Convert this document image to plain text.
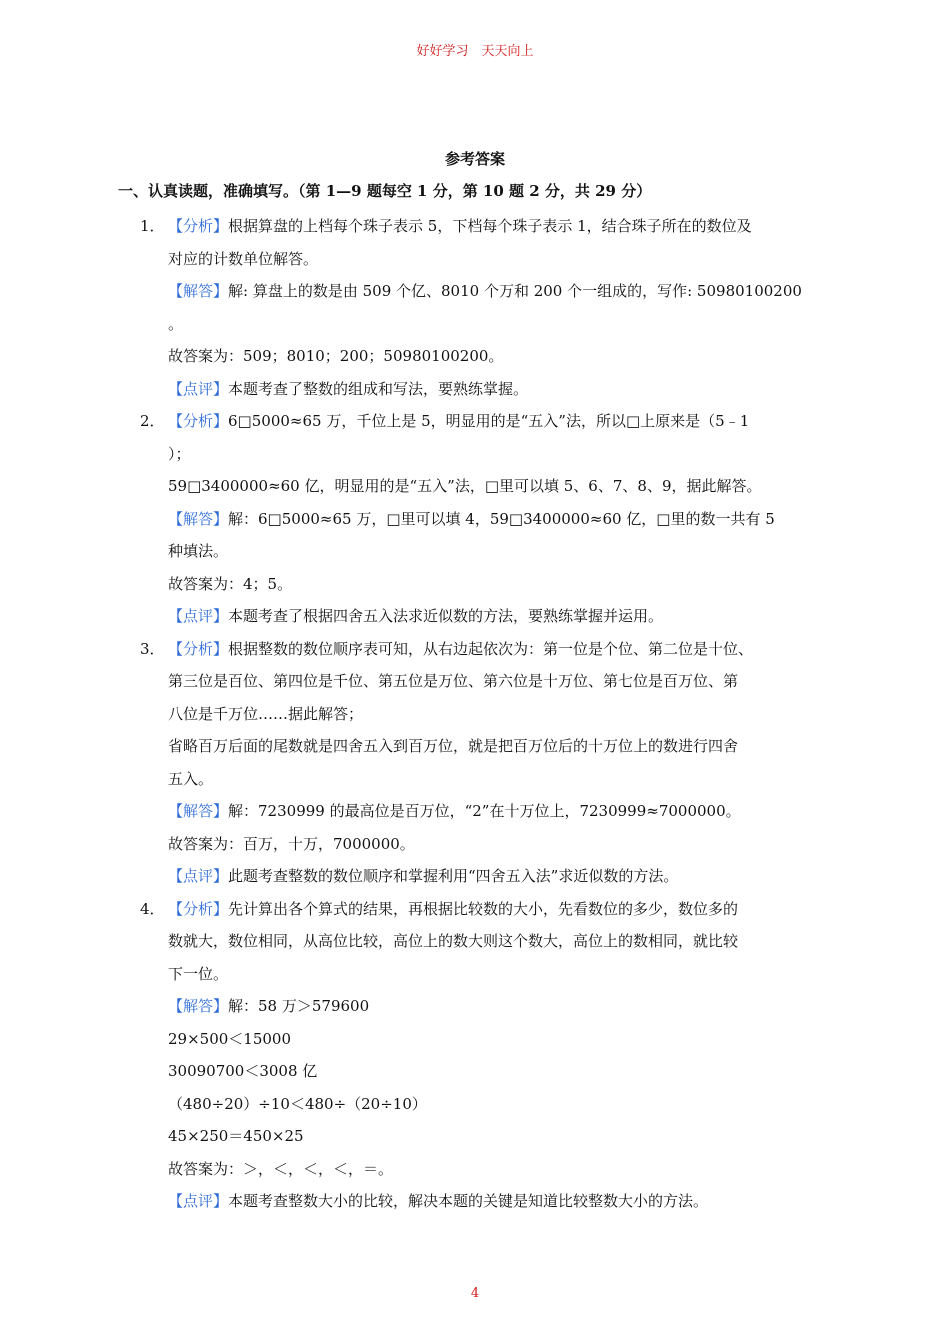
好好学习　天天向上
参考答案
一、认真读题，准确填写。（第 1—9 题每空 1 分，第 10 题 2 分，共 29 分）
1． 【分析】根据算盘的上档每个珠子表示 5，下档每个珠子表示 1，结合珠子所在的数位及
对应的计数单位解答。
【解答】解: 算盘上的数是由 509 个亿、8010 个万和 200 个一组成的，写作: 50980100200
。
故答案为：509；8010；200；50980100200。
【点评】本题考查了整数的组成和写法，要熟练掌握。
2． 【分析】6□5000≈65 万，千位上是 5，明显用的是“五入”法，所以□上原来是（5﹣1
）；
59□3400000≈60 亿，明显用的是“五入”法，□里可以填 5、6、7、8、9，据此解答。
【解答】解：6□5000≈65 万，□里可以填 4，59□3400000≈60 亿，□里的数一共有 5
种填法。
故答案为：4；5。
【点评】本题考查了根据四舍五入法求近似数的方法，要熟练掌握并运用。
3． 【分析】根据整数的数位顺序表可知，从右边起依次为：第一位是个位、第二位是十位、
第三位是百位、第四位是千位、第五位是万位、第六位是十万位、第七位是百万位、第
八位是千万位……据此解答；
省略百万后面的尾数就是四舍五入到百万位，就是把百万位后的十万位上的数进行四舍
五入。
【解答】解：7230999 的最高位是百万位，“2”在十万位上，7230999≈7000000。
故答案为：百万，十万，7000000。
【点评】此题考查整数的数位顺序和掌握利用“四舍五入法”求近似数的方法。
4． 【分析】先计算出各个算式的结果，再根据比较数的大小，先看数位的多少，数位多的
数就大，数位相同，从高位比较，高位上的数大则这个数大，高位上的数相同，就比较
下一位。
【解答】解：58 万＞579600
29×500＜15000
30090700＜3008 亿
（480÷20）÷10＜480÷（20÷10）
45×250＝450×25
故答案为：＞，＜，＜，＜，＝。
【点评】本题考查整数大小的比较，解决本题的关键是知道比较整数大小的方法。
4
